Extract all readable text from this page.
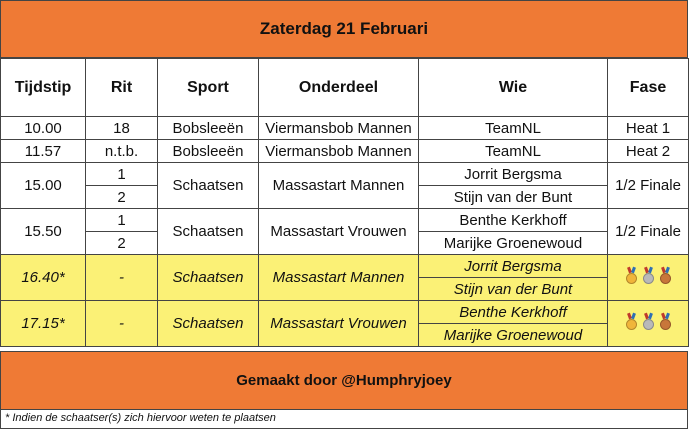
Zaterdag 21 Februari
Tijdstip	Rit	Sport	Onderdeel	Wie	Fase
10.00	18	Bobsleeën	Viermansbob Mannen	TeamNL	Heat 1
11.57	n.t.b.	Bobsleeën	Viermansbob Mannen	TeamNL	Heat 2
15.00	1	Schaatsen	Massastart Mannen	Jorrit Bergsma	1/2 Finale
	2			Stijn van der Bunt	
15.50	1	Schaatsen	Massastart Vrouwen	Benthe Kerkhoff	1/2 Finale
	2			Marijke Groenewoud	
16.40*	-	Schaatsen	Massastart Mannen	Jorrit Bergsma	
				Stijn van der Bunt	
17.15*	-	Schaatsen	Massastart Vrouwen	Benthe Kerkhoff	
				Marijke Groenewoud	
Gemaakt door @Humphryjoey
* Indien de schaatser(s) zich hiervoor weten te plaatsen
